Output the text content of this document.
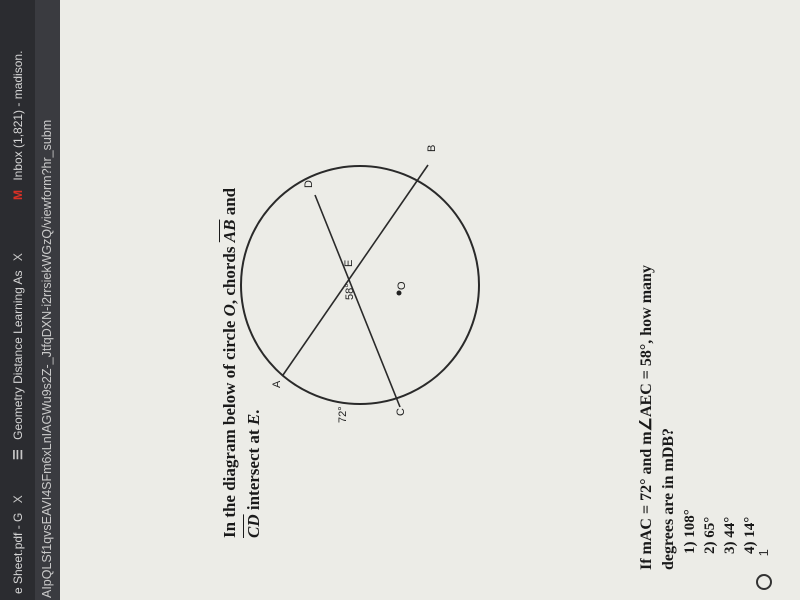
e Sheet.pdf - G X
☰ Geometry Distance Learning As X
M Inbox (1,821) - madison.
AIpQLSf1qvsEAVI4SFm6xLnIAGWu9s2Z-_JtfqDXN-i2rrsiekWGzQ/viewform?hr_subm	A
B
C
D
E
O
58°
72°
In the diagram below of circle O, chords $\overline{AB}$ and
$\overline{CD}$ intersect at E.	If mAC = 72° and m∠AEC = 58°, how many degrees are in mDB? 1) 108° 2) 65° 3) 44° 4) 14°
1
